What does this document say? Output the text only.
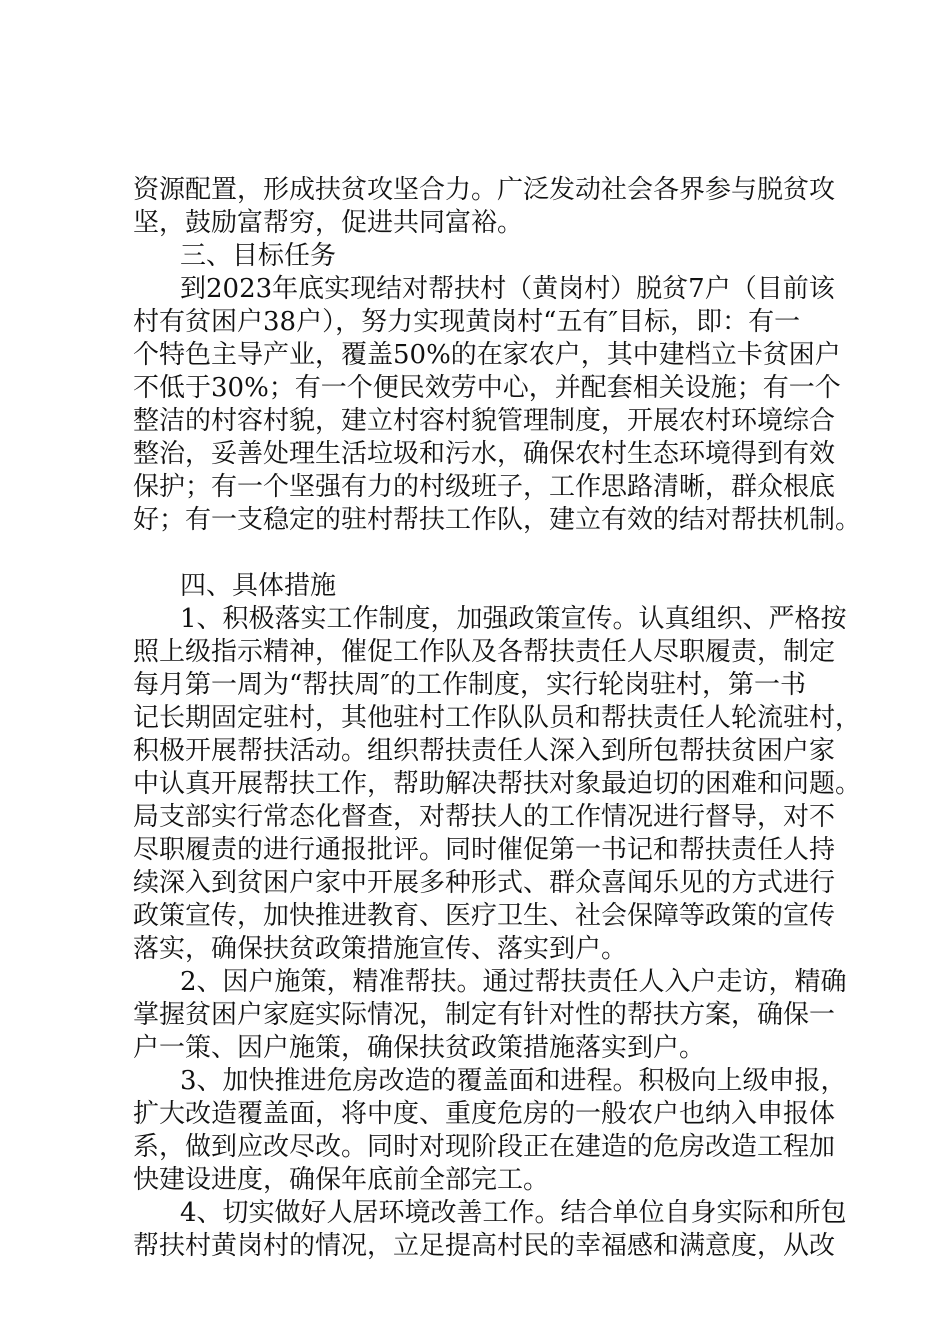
资源配置，形成扶贫攻坚合力。广泛发动社会各界参与脱贫攻
坚，鼓励富帮穷，促进共同富裕。
三、目标任务
到2023年底实现结对帮扶村（黄岗村）脱贫7户（目前该
村有贫困户38户），努力实现黄岗村“五有″目标，即：有一
个特色主导产业，覆盖50%的在家农户，其中建档立卡贫困户
不低于30%；有一个便民效劳中心，并配套相关设施；有一个
整洁的村容村貌，建立村容村貌管理制度，开展农村环境综合
整治，妥善处理生活垃圾和污水，确保农村生态环境得到有效
保护；有一个坚强有力的村级班子，工作思路清晰，群众根底
好；有一支稳定的驻村帮扶工作队，建立有效的结对帮扶机制。
四、具体措施
1、积极落实工作制度，加强政策宣传。认真组织、严格按
照上级指示精神，催促工作队及各帮扶责任人尽职履责，制定
每月第一周为“帮扶周″的工作制度，实行轮岗驻村，第一书
记长期固定驻村，其他驻村工作队队员和帮扶责任人轮流驻村，
积极开展帮扶活动。组织帮扶责任人深入到所包帮扶贫困户家
中认真开展帮扶工作，帮助解决帮扶对象最迫切的困难和问题。
局支部实行常态化督查，对帮扶人的工作情况进行督导，对不
尽职履责的进行通报批评。同时催促第一书记和帮扶责任人持
续深入到贫困户家中开展多种形式、群众喜闻乐见的方式进行
政策宣传，加快推进教育、医疗卫生、社会保障等政策的宣传
落实，确保扶贫政策措施宣传、落实到户。
2、因户施策，精准帮扶。通过帮扶责任人入户走访，精确
掌握贫困户家庭实际情况，制定有针对性的帮扶方案，确保一
户一策、因户施策，确保扶贫政策措施落实到户。
3、加快推进危房改造的覆盖面和进程。积极向上级申报，
扩大改造覆盖面，将中度、重度危房的一般农户也纳入申报体
系，做到应改尽改。同时对现阶段正在建造的危房改造工程加
快建设进度，确保年底前全部完工。
4、切实做好人居环境改善工作。结合单位自身实际和所包
帮扶村黄岗村的情况，立足提高村民的幸福感和满意度，从改
